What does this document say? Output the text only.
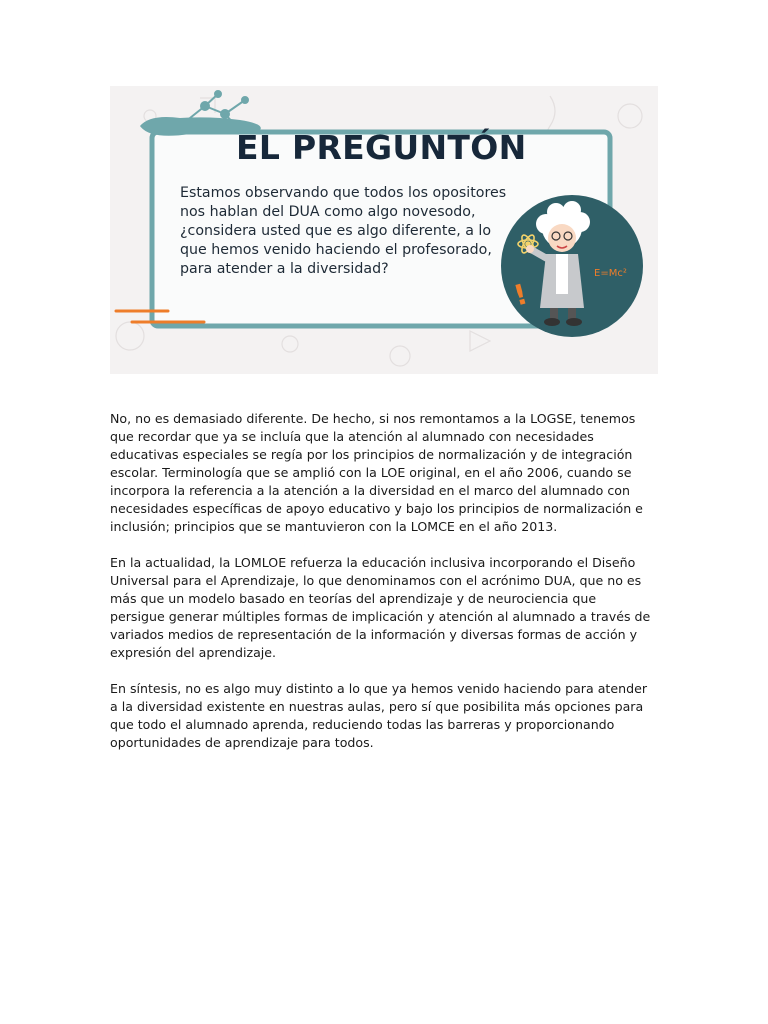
!
E=Mc²
EL PREGUNTÓN

Estamos observando que todos los opositores nos hablan del DUA como algo novesodo, ¿considera usted que es algo diferente, a lo que hemos venido haciendo el profesorado, para atender a la diversidad?

No, no es demasiado diferente. De hecho, si nos remontamos a la LOGSE, tenemos que recordar que ya se incluía que la atención al alumnado con necesidades educativas especiales se regía por los principios de normalización y de integración escolar. Terminología que se amplió con la LOE original, en el año 2006, cuando se incorpora la referencia a la atención a la diversidad en el marco del alumnado con necesidades específicas de apoyo educativo y bajo los principios de normalización e inclusión; principios que se mantuvieron con la LOMCE en el año 2013.

En la actualidad, la LOMLOE refuerza la educación inclusiva incorporando el Diseño Universal para el Aprendizaje, lo que denominamos con el acrónimo DUA, que no es más que un modelo basado en teorías del aprendizaje y de neurociencia que persigue generar múltiples formas de implicación y atención al alumnado a través de variados medios de representación de la información y diversas formas de acción y expresión del aprendizaje.

En síntesis, no es algo muy distinto a lo que ya hemos venido haciendo para atender a la diversidad existente en nuestras aulas, pero sí que posibilita más opciones para que todo el alumnado aprenda, reduciendo todas las barreras y proporcionando oportunidades de aprendizaje para todos.
